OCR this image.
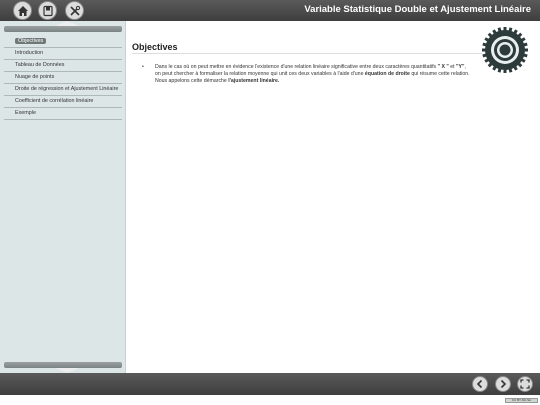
Variable Statistique Double et Ajustement Linéaire
Objectives
Introduction
Tableau de Données
Nuage de points
Droite de régression et Ajustement Linéaire
Coefficient de corrélation linéaire
Exemple
Objectives
•	Dans le cas où on peut mettre en évidence l'existence d'une relation linéaire significative entre deux caractères quantitatifs " X " et "Y", on peut chercher à formaliser la relation moyenne qui unit ces deux variables à l'aide d'une équation de droite qui résume cette relation. Nous appelons cette démarche l'ajustement linéaire.

CC BY-NC-SA
